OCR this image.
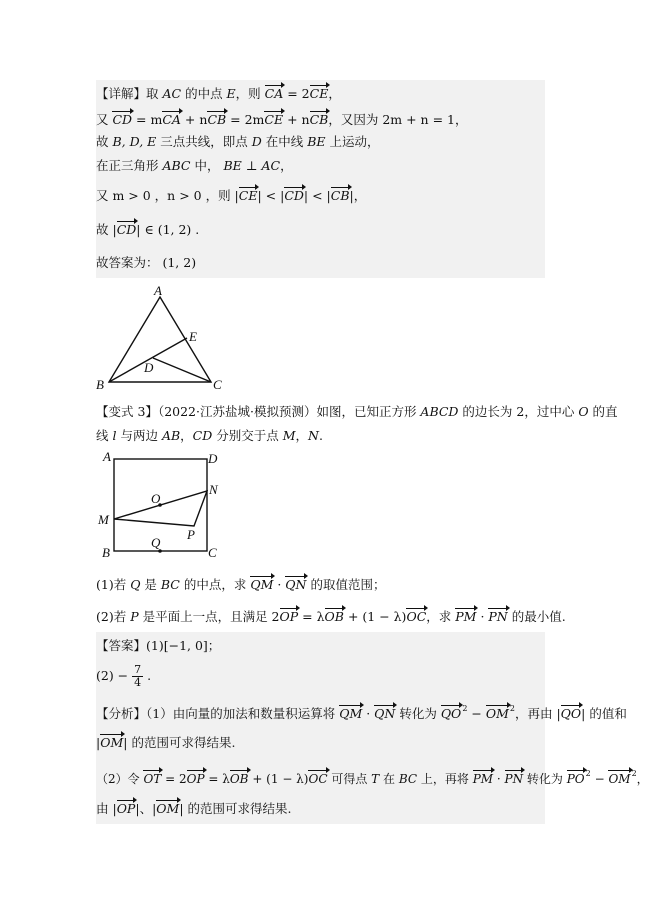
【详解】取 AC 的中点 E，则 CA = 2CE，
又 CD = mCA + nCB = 2mCE + nCB，又因为 2m + n = 1，
故 B, D, E 三点共线，即点 D 在中线 BE 上运动，
在正三角形 ABC 中， BE ⊥ AC，
又 m > 0 ，n > 0 ，则 |CE| < |CD| < |CB|，
故 |CD| ∈ (1, 2) .
故答案为： (1, 2)
A
B	C
D
E
【变式 3】（2022·江苏盐城·模拟预测）如图，已知正方形 ABCD 的边长为 2，过中心 O 的直
线 l 与两边 AB，CD 分别交于点 M，N.
A	D
B	C
M
N
O
P
Q
(1)若 Q 是 BC 的中点，求 QM · QN 的取值范围；
(2)若 P 是平面上一点，且满足 2OP = λOB + (1 − λ)OC，求 PM · PN 的最小值.
【答案】(1)[−1, 0]；
$(2) - \frac{7}{4}$ .
【分析】（1）由向量的加法和数量积运算将 QM · QN 转化为 $QO^2 - OM^2$，再由 |QO| 的值和
|OM| 的范围可求得结果.
（2）令 OT = 2OP = λOB + (1 − λ)OC 可得点 T 在 BC 上，再将 PM · PN 转化为 $PO^2 - OM^2$，
由 |OP|、|OM| 的范围可求得结果.
